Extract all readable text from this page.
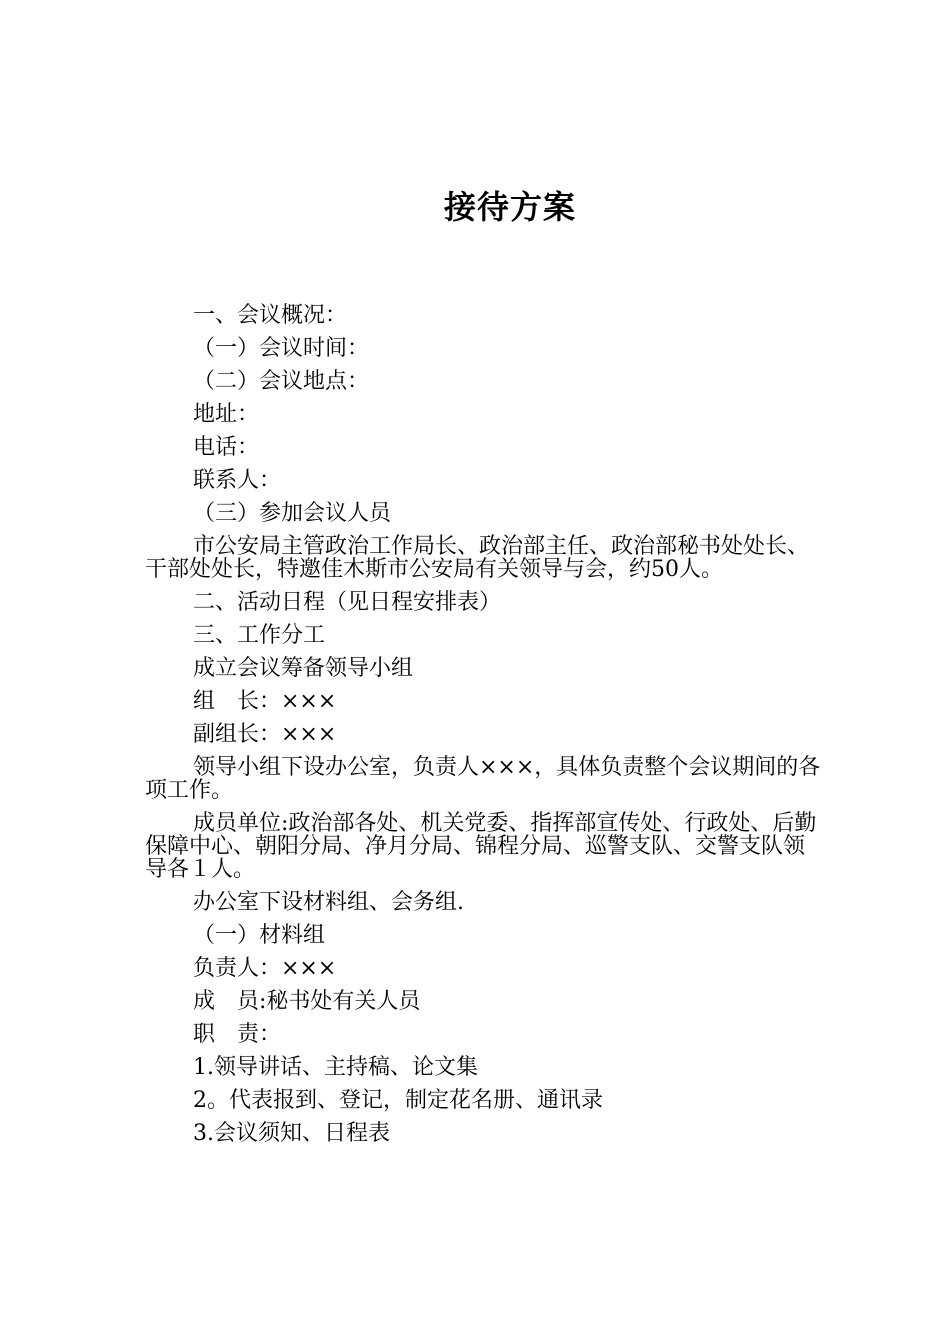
接待方案

一、会议概况：

（一）会议时间：

（二）会议地点：

地址：

电话：

联系人：

（三）参加会议人员

市公安局主管政治工作局长、政治部主任、政治部秘书处处长、干部处处长，特邀佳木斯市公安局有关领导与会，约50人。

二、活动日程（见日程安排表）

三、工作分工

成立会议筹备领导小组

组　长：×××

副组长：×××

领导小组下设办公室，负责人×××，具体负责整个会议期间的各项工作。

成员单位:政治部各处、机关党委、指挥部宣传处、行政处、后勤保障中心、朝阳分局、净月分局、锦程分局、巡警支队、交警支队领导各１人。

办公室下设材料组、会务组.

（一）材料组

负责人：×××

成　员:秘书处有关人员

职　责：

1.领导讲话、主持稿、论文集

2。代表报到、登记，制定花名册、通讯录

3.会议须知、日程表
